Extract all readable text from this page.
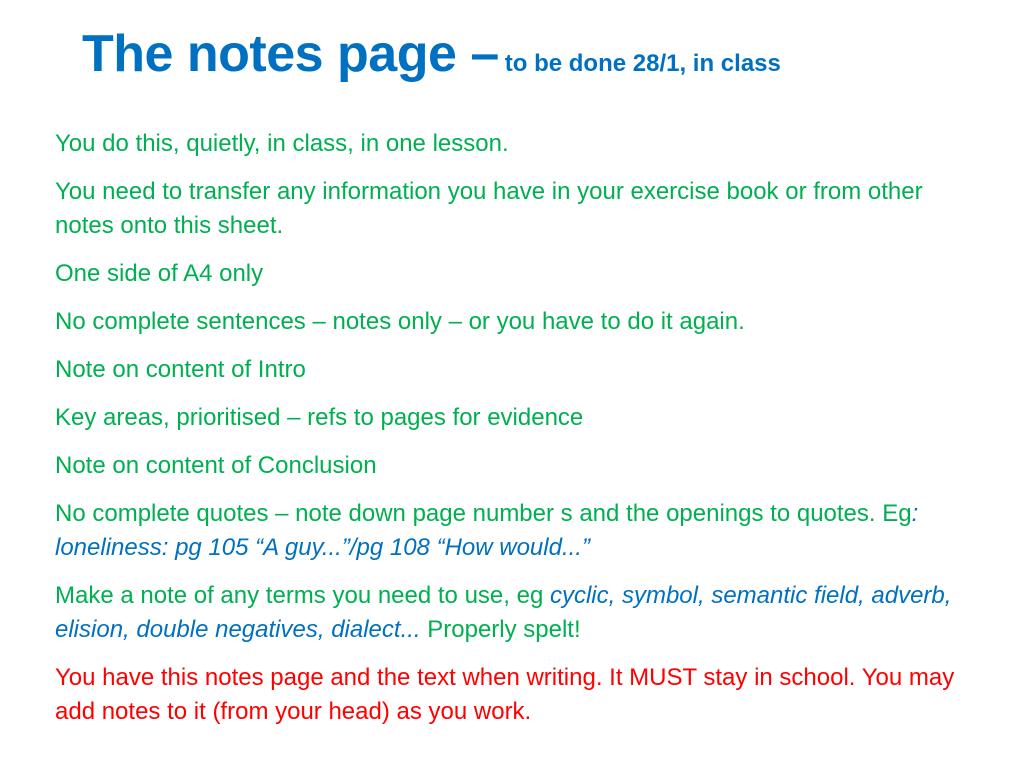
The notes page – to be done 28/1, in class

You do this, quietly, in class, in one lesson.

You need to transfer any information you have in your exercise book or from other notes onto this sheet.

One side of A4 only

No complete sentences – notes only – or you have to do it again.

Note on content of Intro

Key areas, prioritised – refs to pages for evidence

Note on content of Conclusion

No complete quotes – note down page number s and the openings to quotes. Eg: loneliness: pg 105 “A guy...”/pg 108 “How would...”

Make a note of any terms you need to use, eg cyclic, symbol, semantic field, adverb, elision, double negatives, dialect... Properly spelt!

You have this notes page and the text when writing. It MUST stay in school. You may add notes to it (from your head) as you work.
